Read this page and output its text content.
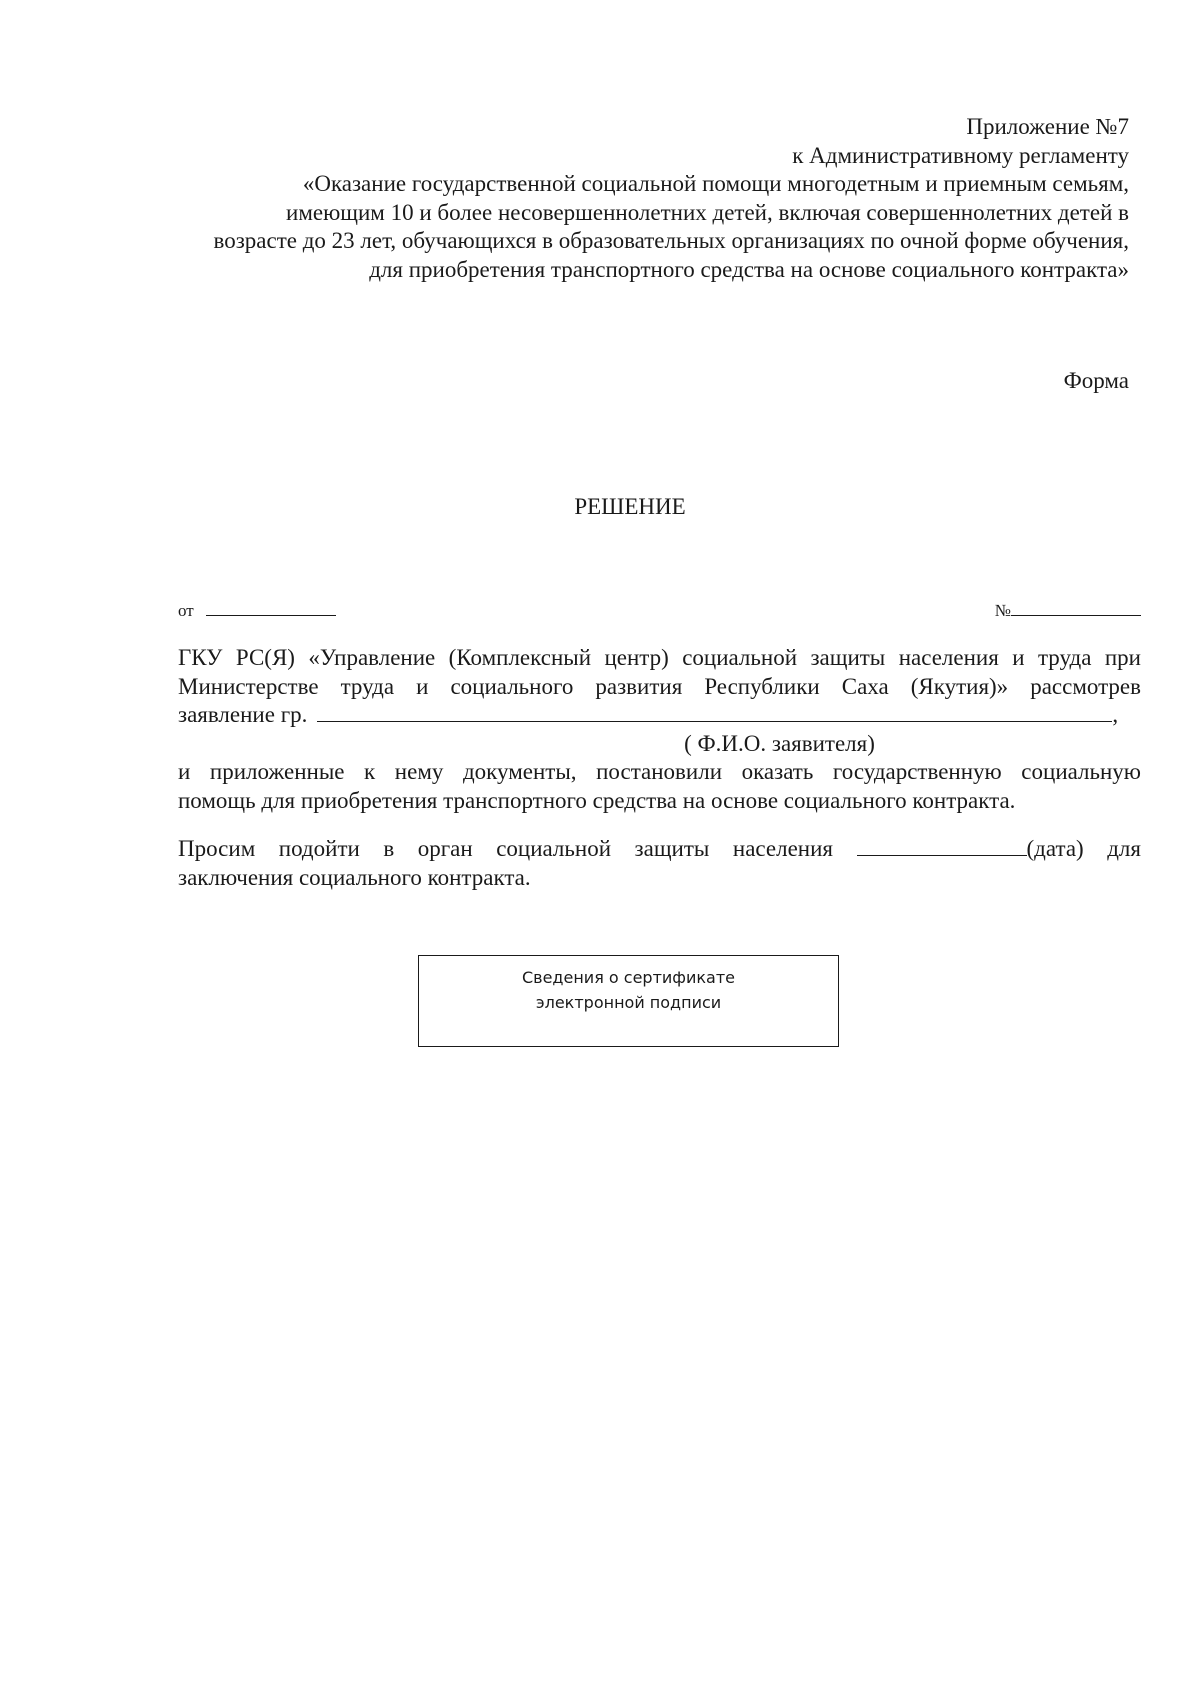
Приложение №7
к Административному регламенту
«Оказание государственной социальной помощи многодетным и приемным семьям,
имеющим 10 и более несовершеннолетних детей, включая совершеннолетних детей в
возрасте до 23 лет, обучающихся в образовательных организациях по очной форме обучения,
для приобретения транспортного средства на основе социального контракта»
Форма
РЕШЕНИЕ
от	№
ГКУ РС(Я) «Управление (Комплексный центр) социальной защиты населения и труда при
Министерстве труда и социального развития Республики Саха (Якутия)» рассмотрев
заявление гр.	,
( Ф.И.О. заявителя)
и приложенные к нему документы, постановили оказать государственную социальную
помощь для приобретения транспортного средства на основе социального контракта.
Просим подойти в орган социальной защиты населения	(дата) для
заключения социального контракта.
Сведения о сертификате
электронной подписи
